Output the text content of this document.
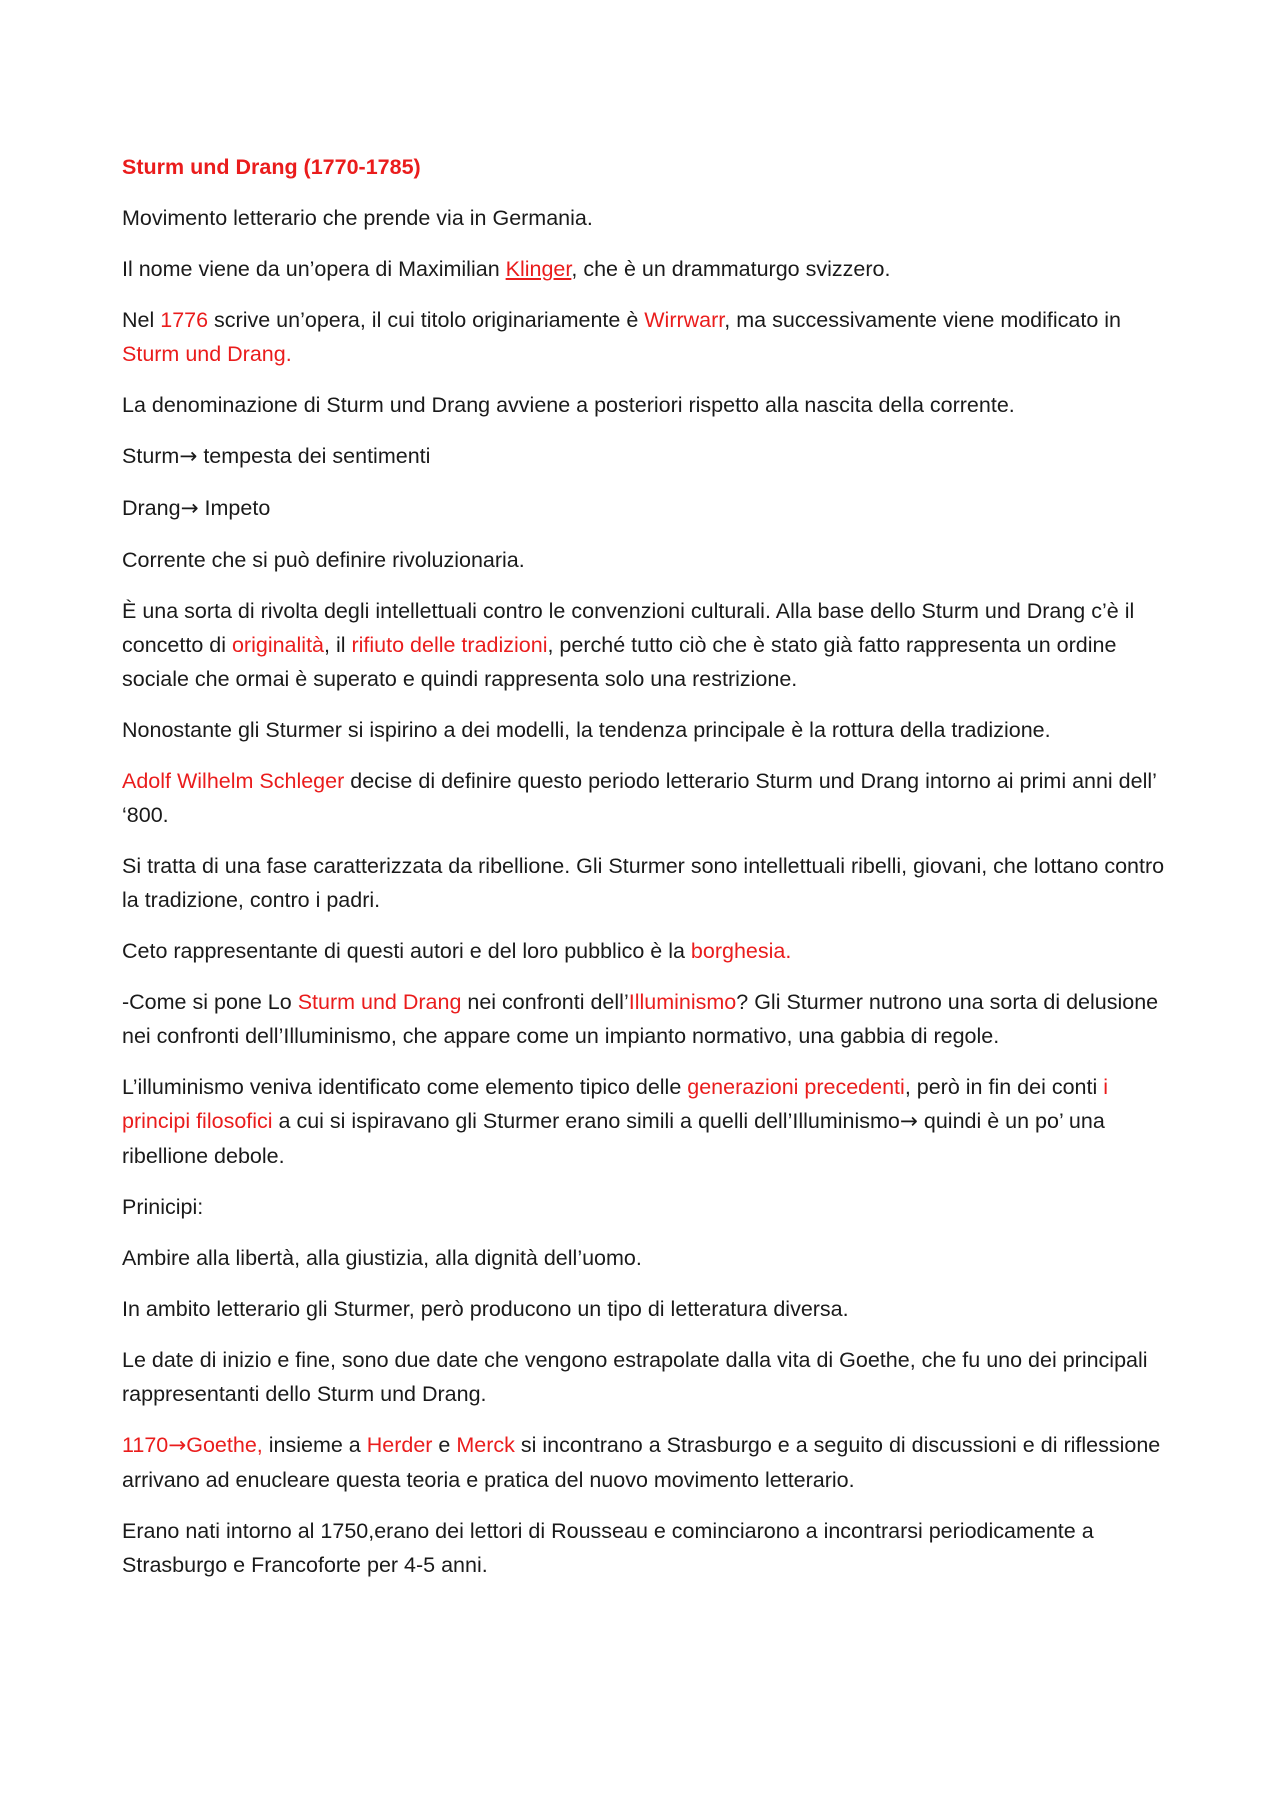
Sturm und Drang (1770-1785)

Movimento letterario che prende via in Germania.

Il nome viene da un’opera di Maximilian Klinger, che è un drammaturgo svizzero.

Nel 1776 scrive un’opera, il cui titolo originariamente è Wirrwarr, ma successivamente viene modificato in Sturm und Drang.

La denominazione di Sturm und Drang avviene a posteriori rispetto alla nascita della corrente.

Sturm→ tempesta dei sentimenti

Drang→ Impeto

Corrente che si può definire rivoluzionaria.

È una sorta di rivolta degli intellettuali contro le convenzioni culturali. Alla base dello Sturm und Drang c’è il concetto di originalità, il rifiuto delle tradizioni, perché tutto ciò che è stato già fatto rappresenta un ordine sociale che ormai è superato e quindi rappresenta solo una restrizione.

Nonostante gli Sturmer si ispirino a dei modelli, la tendenza principale è la rottura della tradizione.

Adolf Wilhelm Schleger decise di definire questo periodo letterario Sturm und Drang intorno ai primi anni dell’ ‘800.

Si tratta di una fase caratterizzata da ribellione. Gli Sturmer sono intellettuali ribelli, giovani, che lottano contro la tradizione, contro i padri.

Ceto rappresentante di questi autori e del loro pubblico è la borghesia.

-Come si pone Lo Sturm und Drang nei confronti dell’Illuminismo? Gli Sturmer nutrono una sorta di delusione nei confronti dell’Illuminismo, che appare come un impianto normativo, una gabbia di regole.

L’illuminismo veniva identificato come elemento tipico delle generazioni precedenti, però in fin dei conti i principi filosofici a cui si ispiravano gli Sturmer erano simili a quelli dell’Illuminismo→ quindi è un po’ una ribellione debole.

Prinicipi:

Ambire alla libertà, alla giustizia, alla dignità dell’uomo.

In ambito letterario gli Sturmer, però producono un tipo di letteratura diversa.

Le date di inizio e fine, sono due date che vengono estrapolate dalla vita di Goethe, che fu uno dei principali rappresentanti dello Sturm und Drang.

1170→Goethe, insieme a Herder e Merck si incontrano a Strasburgo e a seguito di discussioni e di riflessione arrivano ad enucleare questa teoria e pratica del nuovo movimento letterario.

Erano nati intorno al 1750,erano dei lettori di Rousseau e cominciarono a incontrarsi periodicamente a Strasburgo e Francoforte per 4-5 anni.
